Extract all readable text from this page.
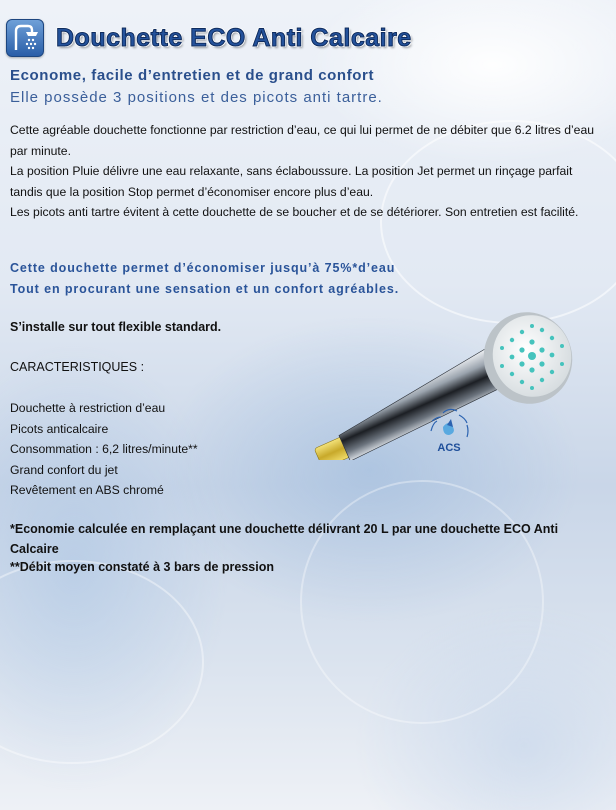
Douchette ECO Anti Calcaire
Econome, facile d’entretien et de grand confort
Elle possède 3 positions et des picots anti tartre.

Cette agréable douchette fonctionne par restriction d’eau, ce qui lui permet de ne débiter que 6.2 litres d’eau par minute.

La position Pluie délivre une eau relaxante, sans éclaboussure. La position Jet permet un rinçage parfait tandis que la position Stop permet d’économiser encore plus d’eau.

Les picots anti tartre évitent à cette douchette de se boucher et de se détériorer. Son entretien est facilité.

Cette douchette permet d’économiser jusqu’à 75%*d’eau
Tout en procurant une sensation et un confort agréables.
S’installe sur tout flexible standard.
CARACTERISTIQUES :
Douchette à restriction d’eau
Picots anticalcaire
Consommation : 6,2 litres/minute**
Grand confort du jet
Revêtement en ABS chromé
*Economie calculée en remplaçant une douchette délivrant 20 L par une douchette ECO Anti Calcaire
**Débit moyen constaté à 3 bars de pression
ACS
